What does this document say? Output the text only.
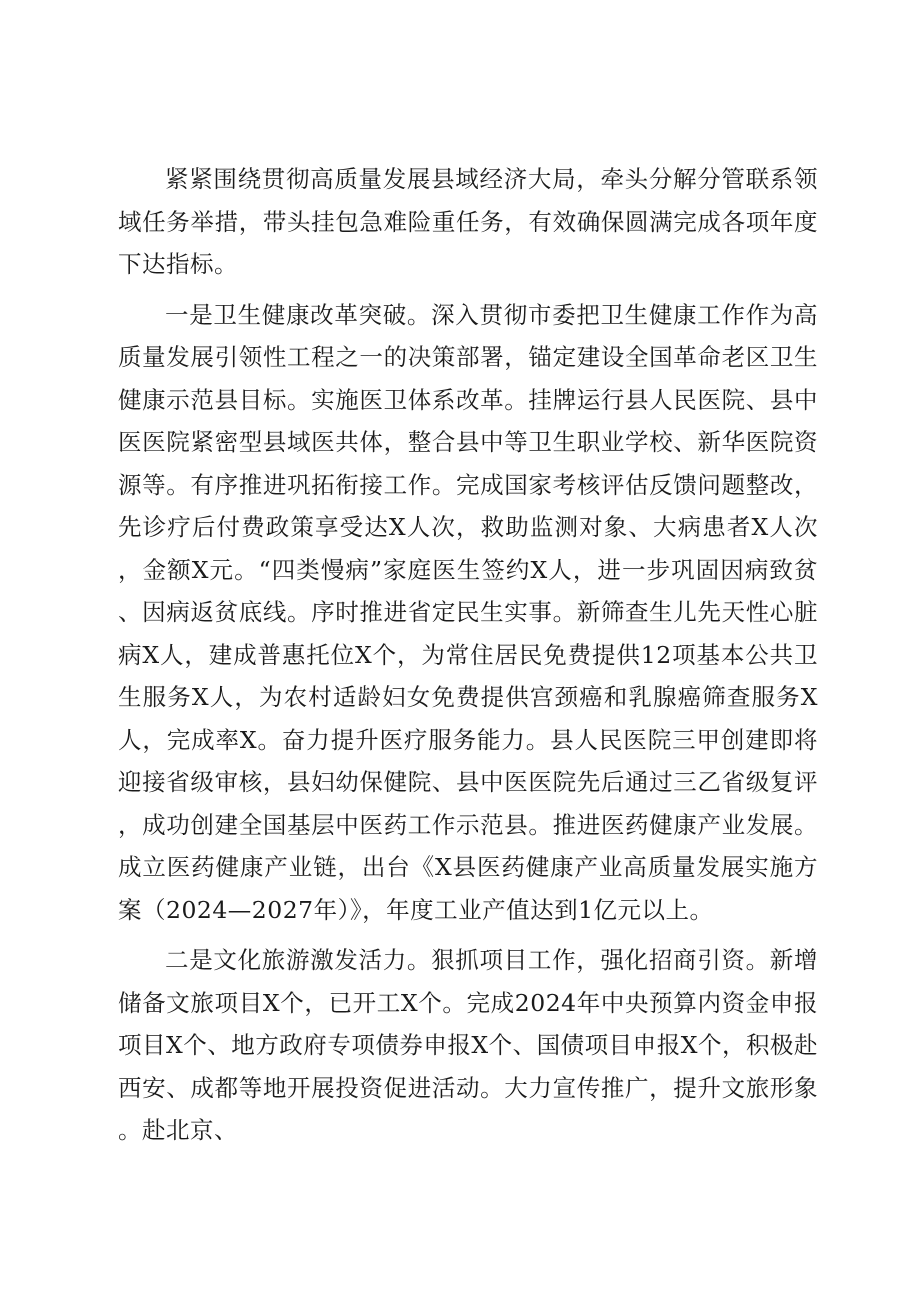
紧紧围绕贯彻高质量发展县域经济大局，牵头分解分管联系领域任务举措，带头挂包急难险重任务，有效确保圆满完成各项年度下达指标。

一是卫生健康改革突破。深入贯彻市委把卫生健康工作作为高质量发展引领性工程之一的决策部署，锚定建设全国革命老区卫生健康示范县目标。实施医卫体系改革。挂牌运行县人民医院、县中医医院紧密型县域医共体，整合县中等卫生职业学校、新华医院资源等。有序推进巩拓衔接工作。完成国家考核评估反馈问题整改，先诊疗后付费政策享受达X人次，救助监测对象、大病患者X人次，金额X元。“四类慢病”家庭医生签约X人，进一步巩固因病致贫、因病返贫底线。序时推进省定民生实事。新筛查生儿先天性心脏病X人，建成普惠托位X个，为常住居民免费提供12项基本公共卫生服务X人，为农村适龄妇女免费提供宫颈癌和乳腺癌筛查服务X人，完成率X。奋力提升医疗服务能力。县人民医院三甲创建即将迎接省级审核，县妇幼保健院、县中医医院先后通过三乙省级复评，成功创建全国基层中医药工作示范县。推进医药健康产业发展。成立医药健康产业链，出台《X县医药健康产业高质量发展实施方案（2024—2027年）》，年度工业产值达到1亿元以上。

二是文化旅游激发活力。狠抓项目工作，强化招商引资。新增储备文旅项目X个，已开工X个。完成2024年中央预算内资金申报项目X个、地方政府专项债券申报X个、国债项目申报X个，积极赴西安、成都等地开展投资促进活动。大力宣传推广，提升文旅形象。赴北京、
